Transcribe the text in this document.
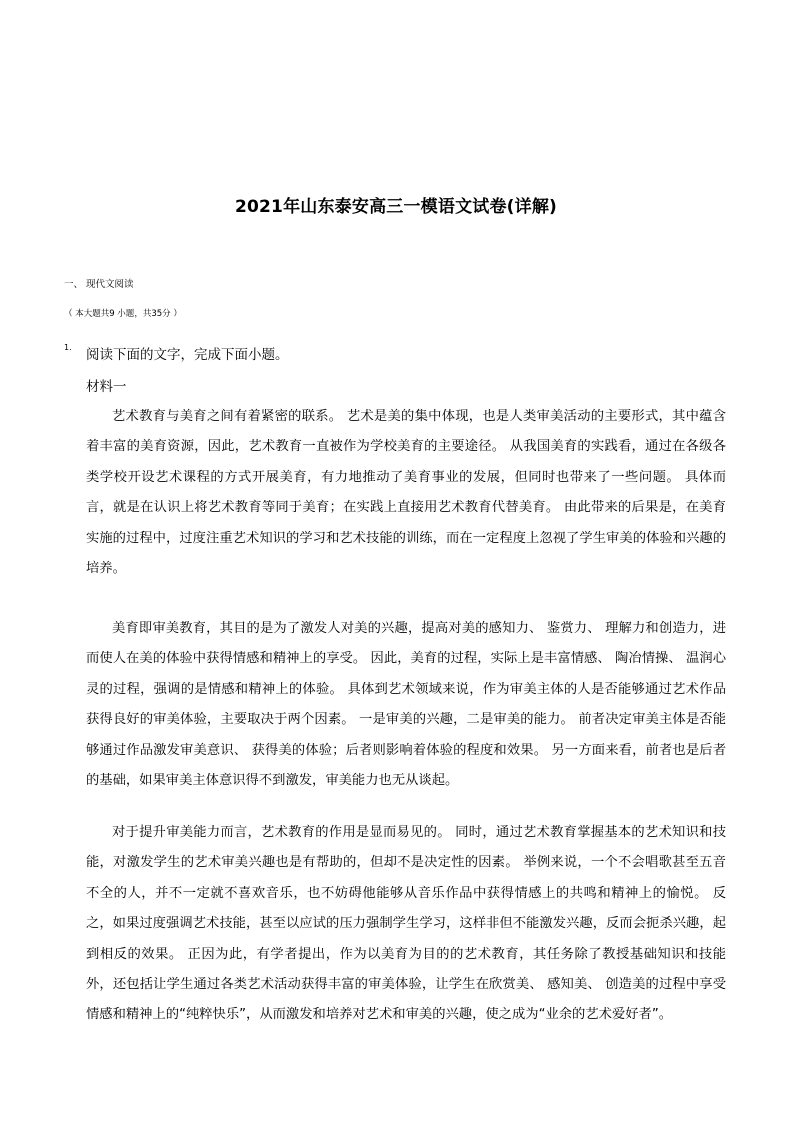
2021年山东泰安高三一模语文试卷(详解)
一、 现代文阅读
（ 本大题共9 小题，共35分 ）
1. 阅读下面的文字，完成下面小题。
材料一

艺术教育与美育之间有着紧密的联系。 艺术是美的集中体现，也是人类审美活动的主要形式，其中蕴含着丰富的美育资源，因此，艺术教育一直被作为学校美育的主要途径。 从我国美育的实践看，通过在各级各类学校开设艺术课程的方式开展美育，有力地推动了美育事业的发展，但同时也带来了一些问题。 具体而言，就是在认识上将艺术教育等同于美育；在实践上直接用艺术教育代替美育。 由此带来的后果是，在美育实施的过程中，过度注重艺术知识的学习和艺术技能的训练，而在一定程度上忽视了学生审美的体验和兴趣的培养。

美育即审美教育，其目的是为了激发人对美的兴趣，提高对美的感知力、 鉴赏力、 理解力和创造力，进而使人在美的体验中获得情感和精神上的享受。 因此，美育的过程，实际上是丰富情感、 陶冶情操、 温润心灵的过程，强调的是情感和精神上的体验。 具体到艺术领域来说，作为审美主体的人是否能够通过艺术作品获得良好的审美体验，主要取决于两个因素。 一是审美的兴趣，二是审美的能力。 前者决定审美主体是否能够通过作品激发审美意识、 获得美的体验；后者则影响着体验的程度和效果。 另一方面来看，前者也是后者的基础，如果审美主体意识得不到激发，审美能力也无从谈起。

对于提升审美能力而言，艺术教育的作用是显而易见的。 同时，通过艺术教育掌握基本的艺术知识和技能，对激发学生的艺术审美兴趣也是有帮助的，但却不是决定性的因素。 举例来说，一个不会唱歌甚至五音不全的人，并不一定就不喜欢音乐，也不妨碍他能够从音乐作品中获得情感上的共鸣和精神上的愉悦。 反之，如果过度强调艺术技能，甚至以应试的压力强制学生学习，这样非但不能激发兴趣，反而会扼杀兴趣，起到相反的效果。 正因为此，有学者提出，作为以美育为目的的艺术教育，其任务除了教授基础知识和技能外，还包括让学生通过各类艺术活动获得丰富的审美体验，让学生在欣赏美、 感知美、 创造美的过程中享受情感和精神上的“纯粹快乐”，从而激发和培养对艺术和审美的兴趣，使之成为“业余的艺术爱好者”。
